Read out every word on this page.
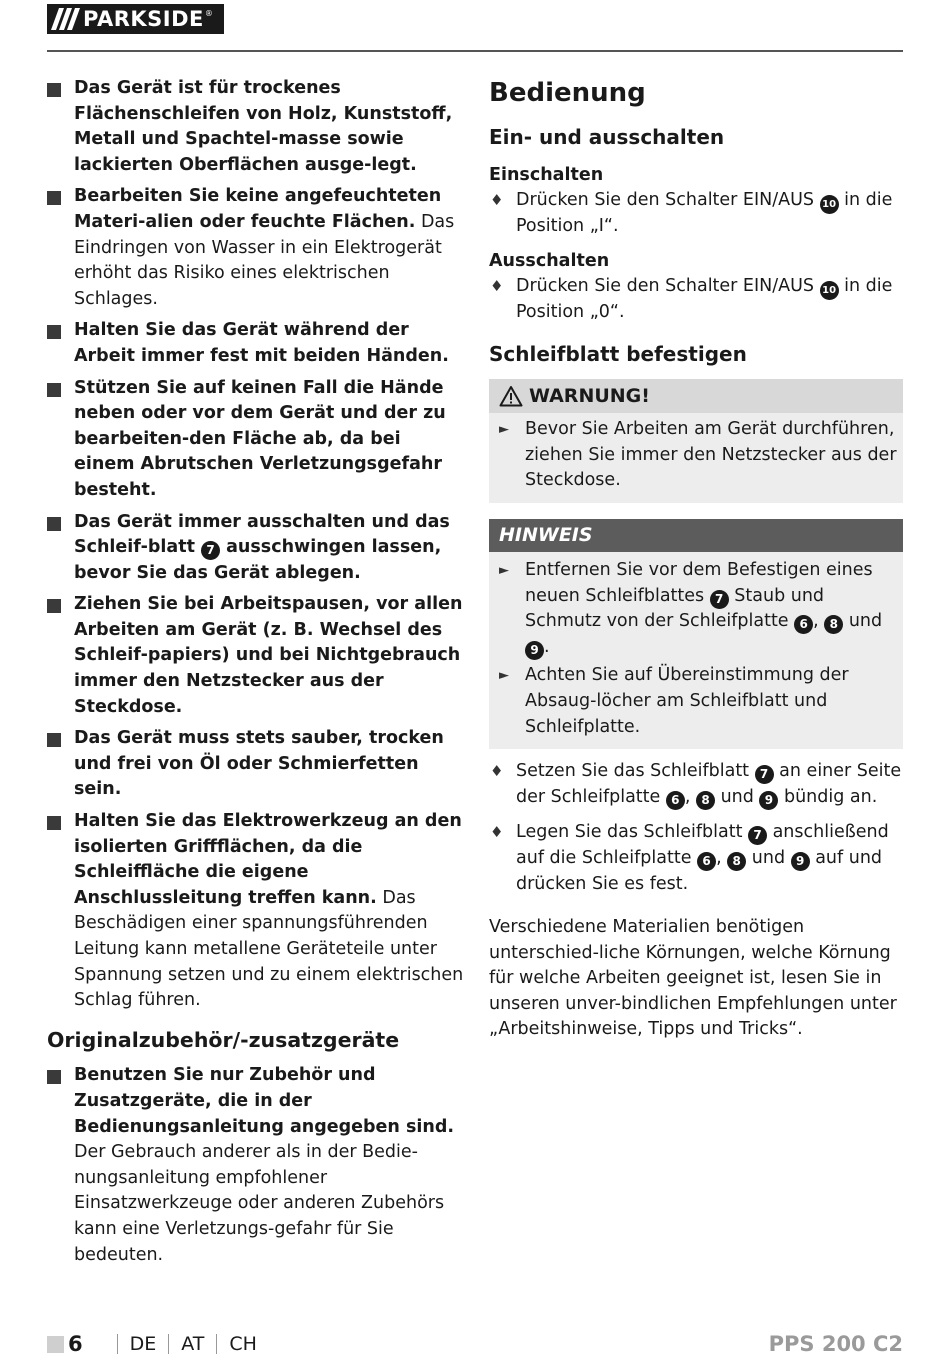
PARKSIDE ®
Das Gerät ist für trockenes Flächenschleifen von Holz, Kunststoff, Metall und Spachtel-masse sowie lackierten Oberflächen ausge-legt.
Bearbeiten Sie keine angefeuchteten Materi-alien oder feuchte Flächen. Das Eindringen von Wasser in ein Elektrogerät erhöht das Risiko eines elektrischen Schlages.
Halten Sie das Gerät während der Arbeit immer fest mit beiden Händen.
Stützen Sie auf keinen Fall die Hände neben oder vor dem Gerät und der zu bearbeiten-den Fläche ab, da bei einem Abrutschen Verletzungsgefahr besteht.
Das Gerät immer ausschalten und das Schleif-blatt 7 ausschwingen lassen, bevor Sie das Gerät ablegen.
Ziehen Sie bei Arbeitspausen, vor allen Arbeiten am Gerät (z. B. Wechsel des Schleif-papiers) und bei Nichtgebrauch immer den Netzstecker aus der Steckdose.
Das Gerät muss stets sauber, trocken und frei von Öl oder Schmierfetten sein.
Halten Sie das Elektrowerkzeug an den isolierten Griffflächen, da die Schleiffläche die eigene Anschlussleitung treffen kann. Das Beschädigen einer spannungsführenden Leitung kann metallene Geräteteile unter Spannung setzen und zu einem elektrischen Schlag führen.
Originalzubehör/-zusatzgeräte
Benutzen Sie nur Zubehör und Zusatzgeräte, die in der Bedienungsanleitung angegeben sind. Der Gebrauch anderer als in der Bedie-nungsanleitung empfohlener Einsatzwerkzeuge oder anderen Zubehörs kann eine Verletzungs-gefahr für Sie bedeuten.
Bedienung
Ein- und ausschalten
Einschalten
♦ Drücken Sie den Schalter EIN/AUS 10 in die Position „I“.
Ausschalten
♦ Drücken Sie den Schalter EIN/AUS 10 in die Position „0“.
Schleifblatt befestigen
WARNUNG!
► Bevor Sie Arbeiten am Gerät durchführen, ziehen Sie immer den Netzstecker aus der Steckdose.
HINWEIS
► Entfernen Sie vor dem Befestigen eines neuen Schleifblattes 7 Staub und Schmutz von der Schleifplatte 6 , 8 und 9 .
► Achten Sie auf Übereinstimmung der Absaug-löcher am Schleifblatt und Schleifplatte.
♦ Setzen Sie das Schleifblatt 7 an einer Seite der Schleifplatte 6 , 8 und 9 bündig an.
♦ Legen Sie das Schleifblatt 7 anschließend auf die Schleifplatte 6 , 8 und 9 auf und drücken Sie es fest.
Verschiedene Materialien benötigen unterschied-liche Körnungen, welche Körnung für welche Arbeiten geeignet ist, lesen Sie in unseren unver-bindlichen Empfehlungen unter „Arbeitshinweise, Tipps und Tricks“.
6 DE AT CH	PPS 200 C2
